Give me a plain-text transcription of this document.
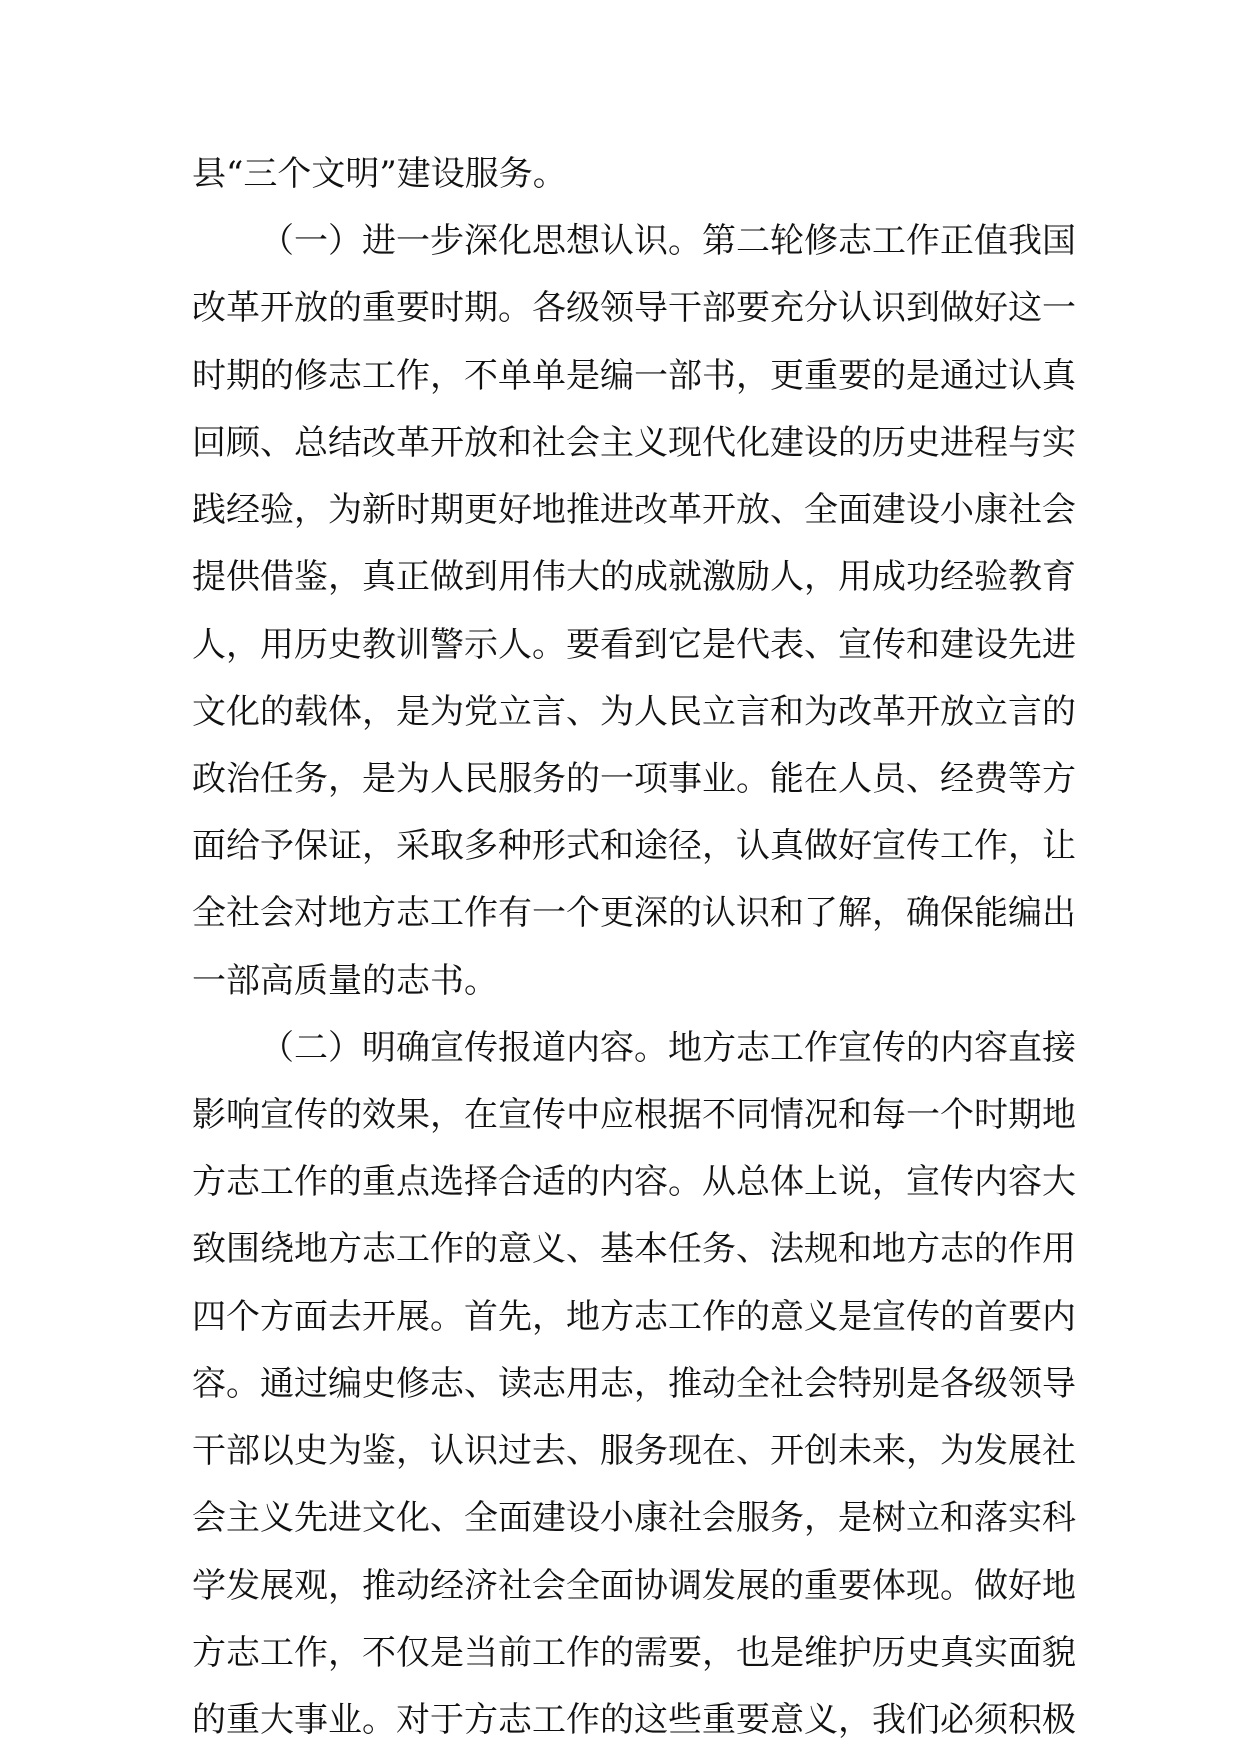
县“三个文明”建设服务。
（一）进一步深化思想认识。第二轮修志工作正值我国
改革开放的重要时期。各级领导干部要充分认识到做好这一
时期的修志工作，不单单是编一部书，更重要的是通过认真
回顾、总结改革开放和社会主义现代化建设的历史进程与实
践经验，为新时期更好地推进改革开放、全面建设小康社会
提供借鉴，真正做到用伟大的成就激励人，用成功经验教育
人，用历史教训警示人。要看到它是代表、宣传和建设先进
文化的载体，是为党立言、为人民立言和为改革开放立言的
政治任务，是为人民服务的一项事业。能在人员、经费等方
面给予保证，采取多种形式和途径，认真做好宣传工作，让
全社会对地方志工作有一个更深的认识和了解，确保能编出
一部高质量的志书。
（二）明确宣传报道内容。地方志工作宣传的内容直接
影响宣传的效果，在宣传中应根据不同情况和每一个时期地
方志工作的重点选择合适的内容。从总体上说，宣传内容大
致围绕地方志工作的意义、基本任务、法规和地方志的作用
四个方面去开展。首先，地方志工作的意义是宣传的首要内
容。通过编史修志、读志用志，推动全社会特别是各级领导
干部以史为鉴，认识过去、服务现在、开创未来，为发展社
会主义先进文化、全面建设小康社会服务，是树立和落实科
学发展观，推动经济社会全面协调发展的重要体现。做好地
方志工作，不仅是当前工作的需要，也是维护历史真实面貌
的重大事业。对于方志工作的这些重要意义，我们必须积极
